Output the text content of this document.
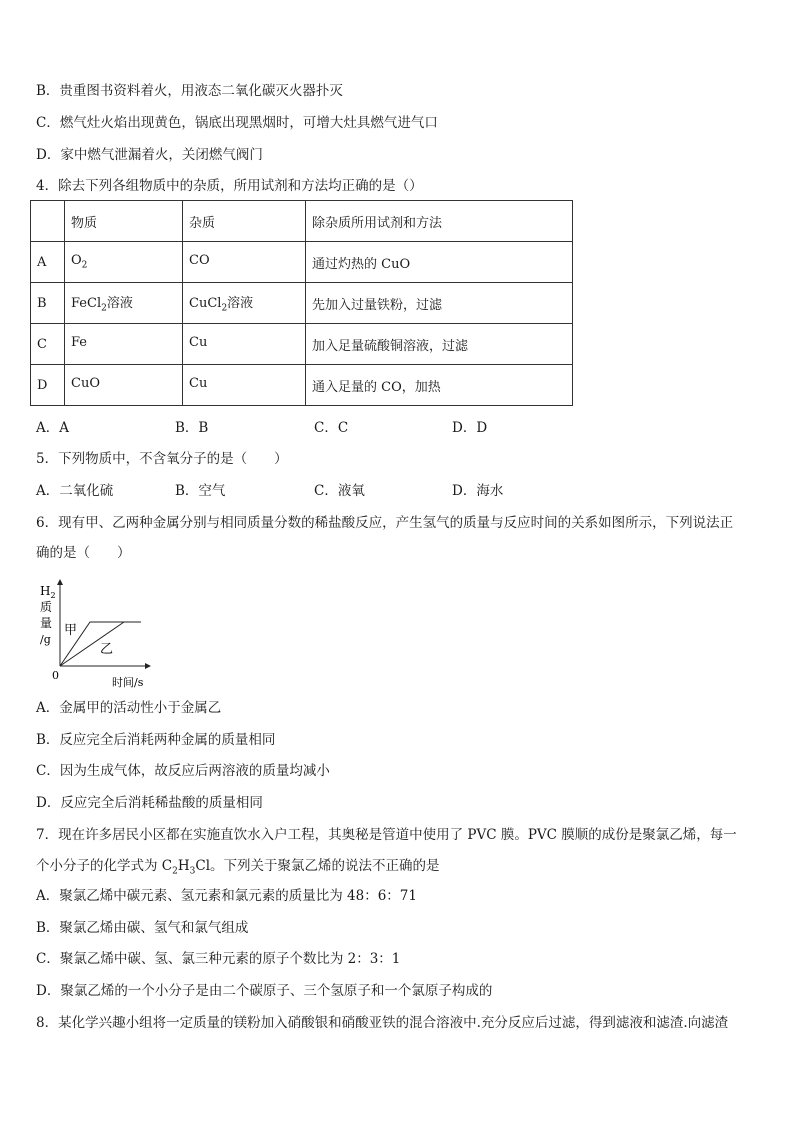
B．贵重图书资料着火，用液态二氧化碳灭火器扑灭
C．燃气灶火焰出现黄色，锅底出现黑烟时，可增大灶具燃气进气口
D．家中燃气泄漏着火，关闭燃气阀门
4．除去下列各组物质中的杂质，所用试剂和方法均正确的是（）
	物质	杂质	除杂质所用试剂和方法
A	$O_2$	CO	通过灼热的 CuO
B	FeCl$_2$溶液	CuCl$_2$溶液	先加入过量铁粉，过滤
C	Fe	Cu	加入足量硫酸铜溶液，过滤
D	CuO	Cu	通入足量的 CO，加热
A．A	B．B	C．C	D．D
5．下列物质中，不含氧分子的是（　　）
A．二氧化硫	B．空气	C．液氧	D．海水
6．现有甲、乙两种金属分别与相同质量分数的稀盐酸反应，产生氢气的质量与反应时间的关系如图所示，下列说法正
确的是（　　）
$H_2$
质
量
/g
0
时间/s
甲
乙
A．金属甲的活动性小于金属乙
B．反应完全后消耗两种金属的质量相同
C．因为生成气体，故反应后两溶液的质量均减小
D．反应完全后消耗稀盐酸的质量相同
7．现在许多居民小区都在实施直饮水入户工程，其奥秘是管道中使用了 PVC 膜。PVC 膜顺的成份是聚氯乙烯，每一
个小分子的化学式为 $C_2H_3Cl$。下列关于聚氯乙烯的说法不正确的是
A．聚氯乙烯中碳元素、氢元素和氯元素的质量比为 48：6：71
B．聚氯乙烯由碳、氢气和氯气组成
C．聚氯乙烯中碳、氢、氯三种元素的原子个数比为 2：3：1
D．聚氯乙烯的一个小分子是由二个碳原子、三个氢原子和一个氯原子构成的
8．某化学兴趣小组将一定质量的镁粉加入硝酸银和硝酸亚铁的混合溶液中.充分反应后过滤，得到滤液和滤渣.向滤渣
